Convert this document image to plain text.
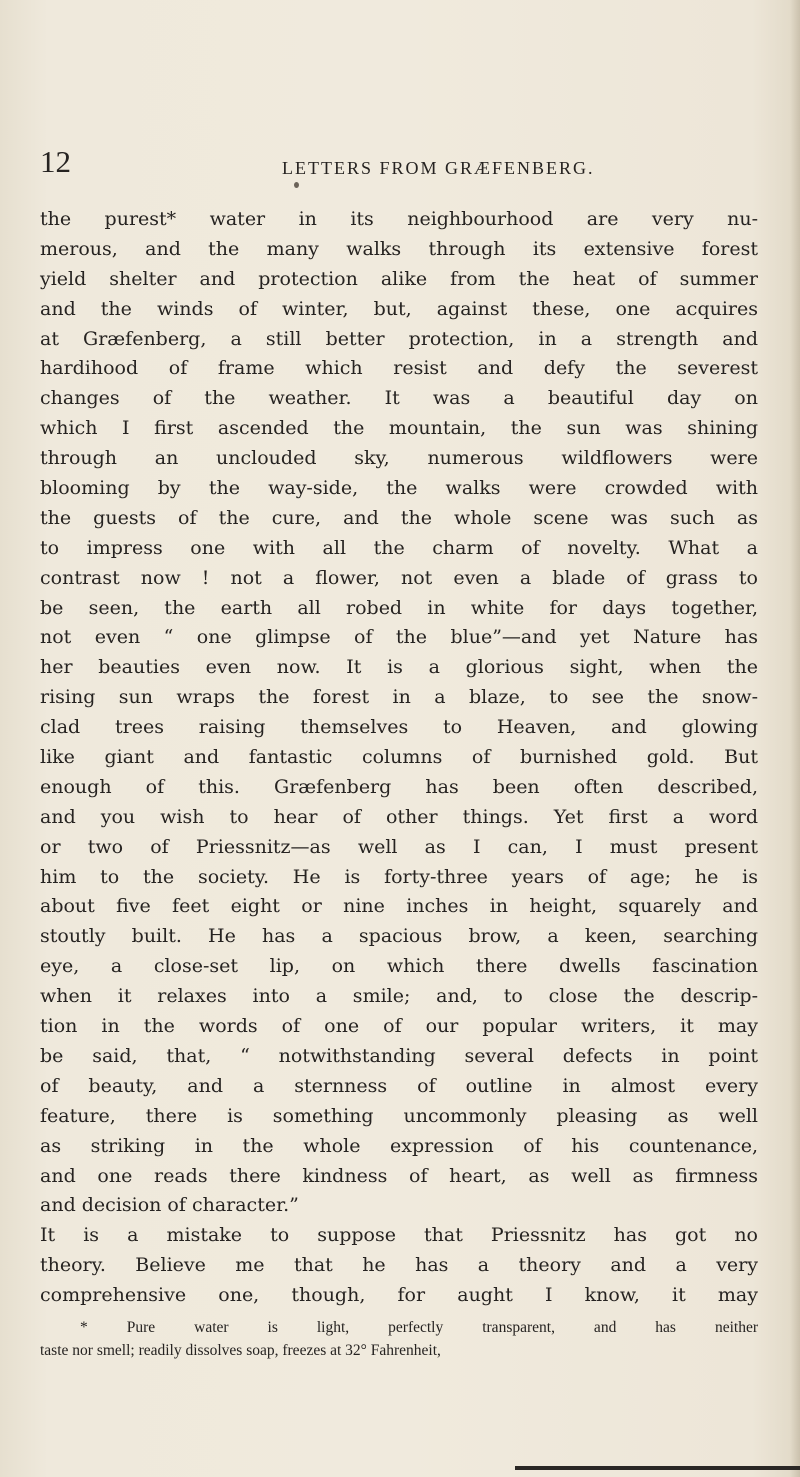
12	LETTERS FROM GRÆFENBERG.
the purest* water in its neighbourhood are very nu-
merous, and the many walks through its extensive forest
yield shelter and protection alike from the heat of summer
and the winds of winter, but, against these, one acquires
at Græfenberg, a still better protection, in a strength and
hardihood of frame which resist and defy the severest
changes of the weather. It was a beautiful day on
which I first ascended the mountain, the sun was shining
through an unclouded sky, numerous wildflowers were
blooming by the way-side, the walks were crowded with
the guests of the cure, and the whole scene was such as
to impress one with all the charm of novelty. What a
contrast now ! not a flower, not even a blade of grass to
be seen, the earth all robed in white for days together,
not even “ one glimpse of the blue”—and yet Nature has
her beauties even now. It is a glorious sight, when the
rising sun wraps the forest in a blaze, to see the snow-
clad trees raising themselves to Heaven, and glowing
like giant and fantastic columns of burnished gold. But
enough of this. Græfenberg has been often described,
and you wish to hear of other things. Yet first a word
or two of Priessnitz—as well as I can, I must present
him to the society. He is forty-three years of age; he is
about five feet eight or nine inches in height, squarely and
stoutly built. He has a spacious brow, a keen, searching
eye, a close-set lip, on which there dwells fascination
when it relaxes into a smile; and, to close the descrip-
tion in the words of one of our popular writers, it may
be said, that, “ notwithstanding several defects in point
of beauty, and a sternness of outline in almost every
feature, there is something uncommonly pleasing as well
as striking in the whole expression of his countenance,
and one reads there kindness of heart, as well as firmness
and decision of character.”
It is a mistake to suppose that Priessnitz has got no
theory. Believe me that he has a theory and a very
comprehensive one, though, for aught I know, it may
* Pure water is light, perfectly transparent, and has neither
taste nor smell; readily dissolves soap, freezes at 32° Fahrenheit,
